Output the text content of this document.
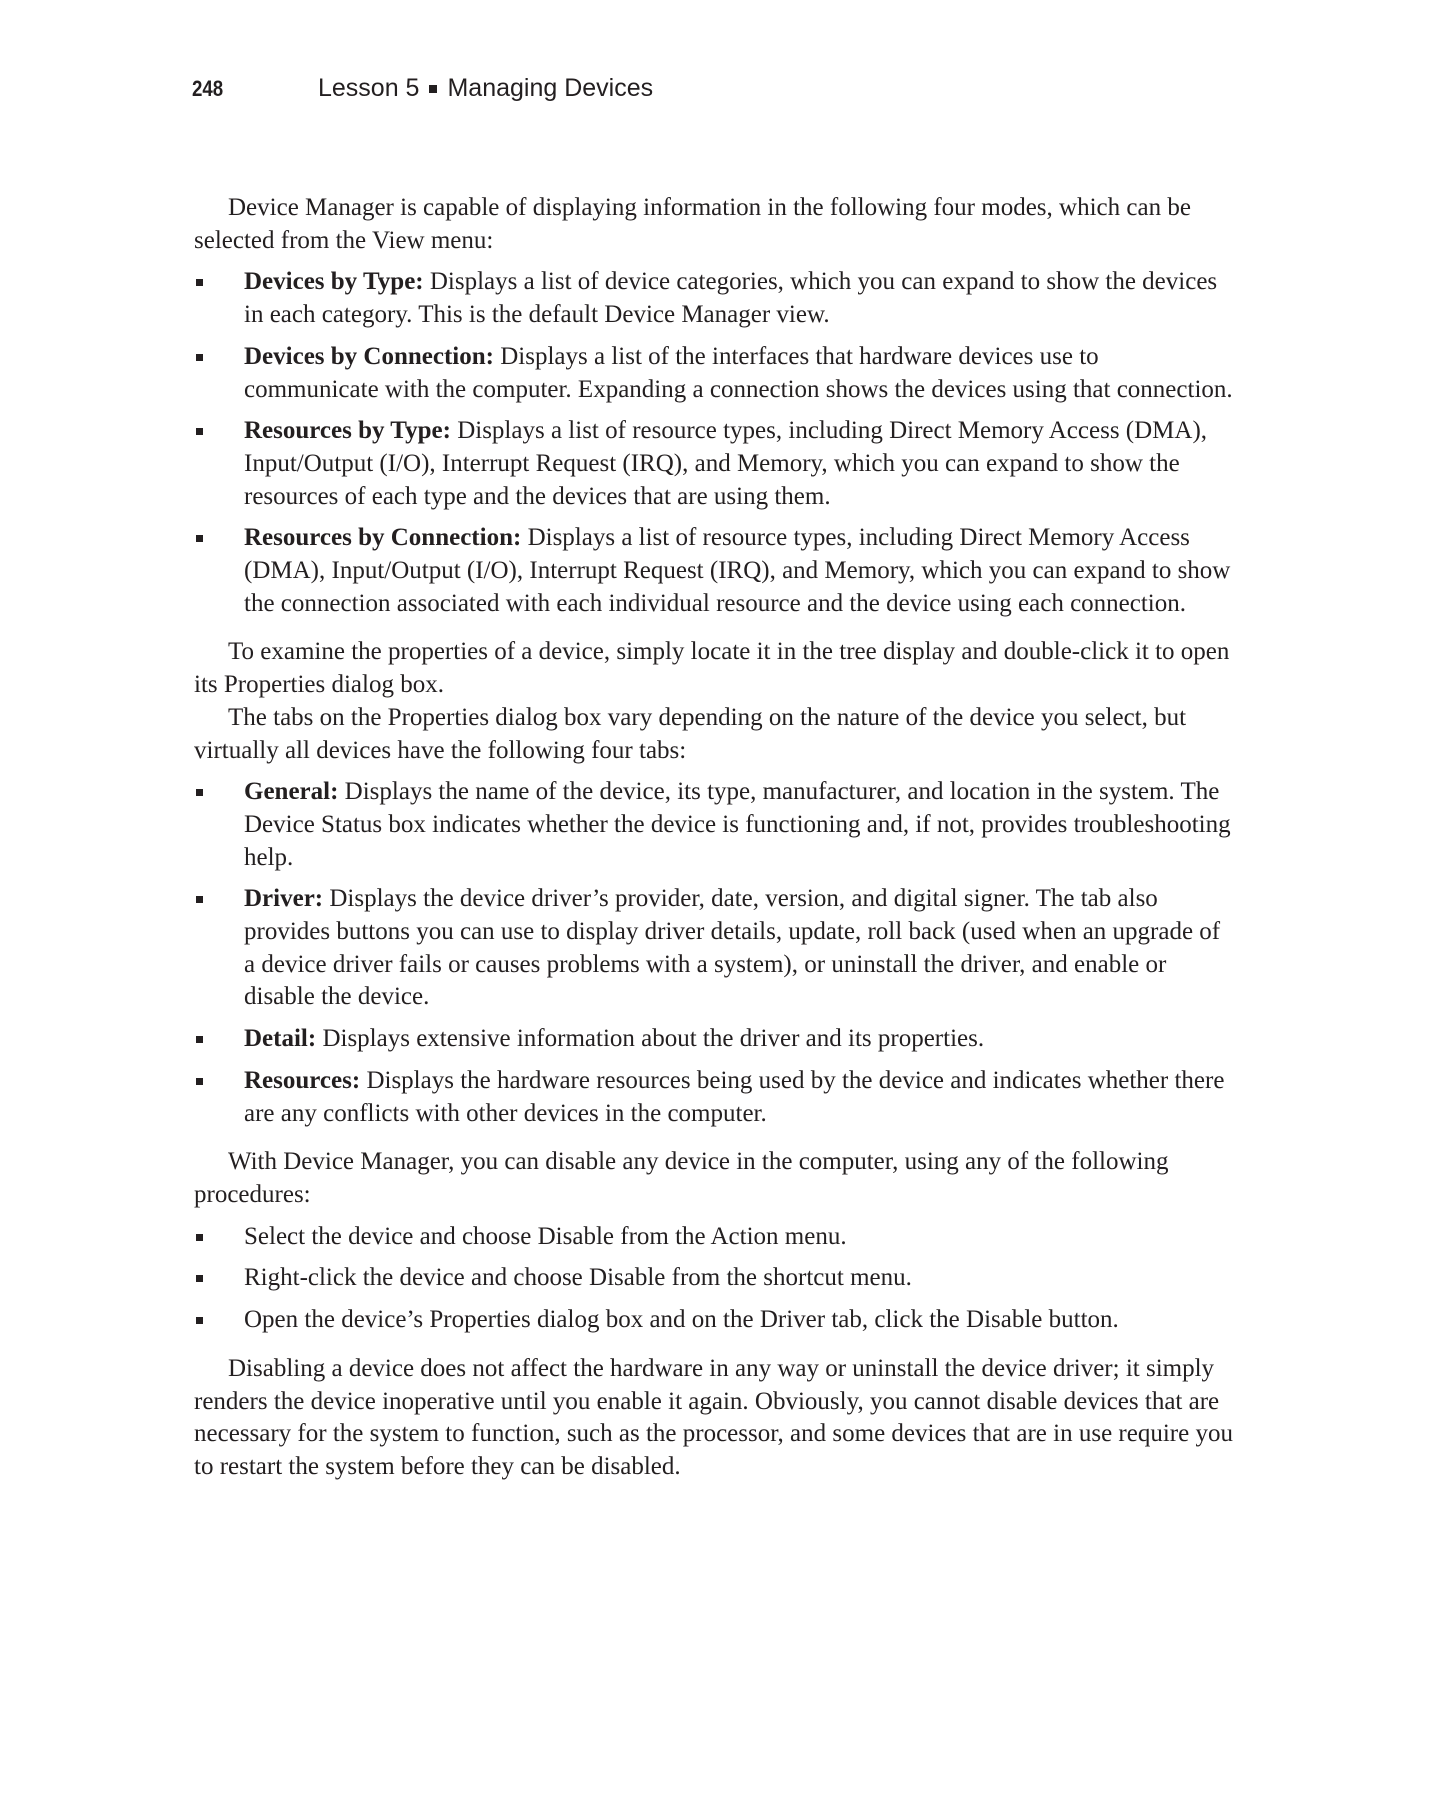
248	Lesson 5 Managing Devices
Device Manager is capable of displaying information in the following four modes, which can be selected from the View menu:
Devices by Type: Displays a list of device categories, which you can expand to show the devices in each category. This is the default Device Manager view.
Devices by Connection: Displays a list of the interfaces that hardware devices use to communicate with the computer. Expanding a connection shows the devices using that connection.
Resources by Type: Displays a list of resource types, including Direct Memory Access (DMA), Input/Output (I/O), Interrupt Request (IRQ), and Memory, which you can expand to show the resources of each type and the devices that are using them.
Resources by Connection: Displays a list of resource types, including Direct Memory Access (DMA), Input/Output (I/O), Interrupt Request (IRQ), and Memory, which you can expand to show the connection associated with each individual resource and the device using each connection.
To examine the properties of a device, simply locate it in the tree display and double-click it to open its Properties dialog box.
The tabs on the Properties dialog box vary depending on the nature of the device you select, but virtually all devices have the following four tabs:
General: Displays the name of the device, its type, manufacturer, and location in the system. The Device Status box indicates whether the device is functioning and, if not, provides troubleshooting help.
Driver: Displays the device driver’s provider, date, version, and digital signer. The tab also provides buttons you can use to display driver details, update, roll back (used when an upgrade of a device driver fails or causes problems with a system), or uninstall the driver, and enable or disable the device.
Detail: Displays extensive information about the driver and its properties.
Resources: Displays the hardware resources being used by the device and indicates whether there are any conflicts with other devices in the computer.
With Device Manager, you can disable any device in the computer, using any of the following procedures:
Select the device and choose Disable from the Action menu.
Right-click the device and choose Disable from the shortcut menu.
Open the device’s Properties dialog box and on the Driver tab, click the Disable button.
Disabling a device does not affect the hardware in any way or uninstall the device driver; it simply renders the device inoperative until you enable it again. Obviously, you cannot disable devices that are necessary for the system to function, such as the processor, and some devices that are in use require you to restart the system before they can be disabled.
